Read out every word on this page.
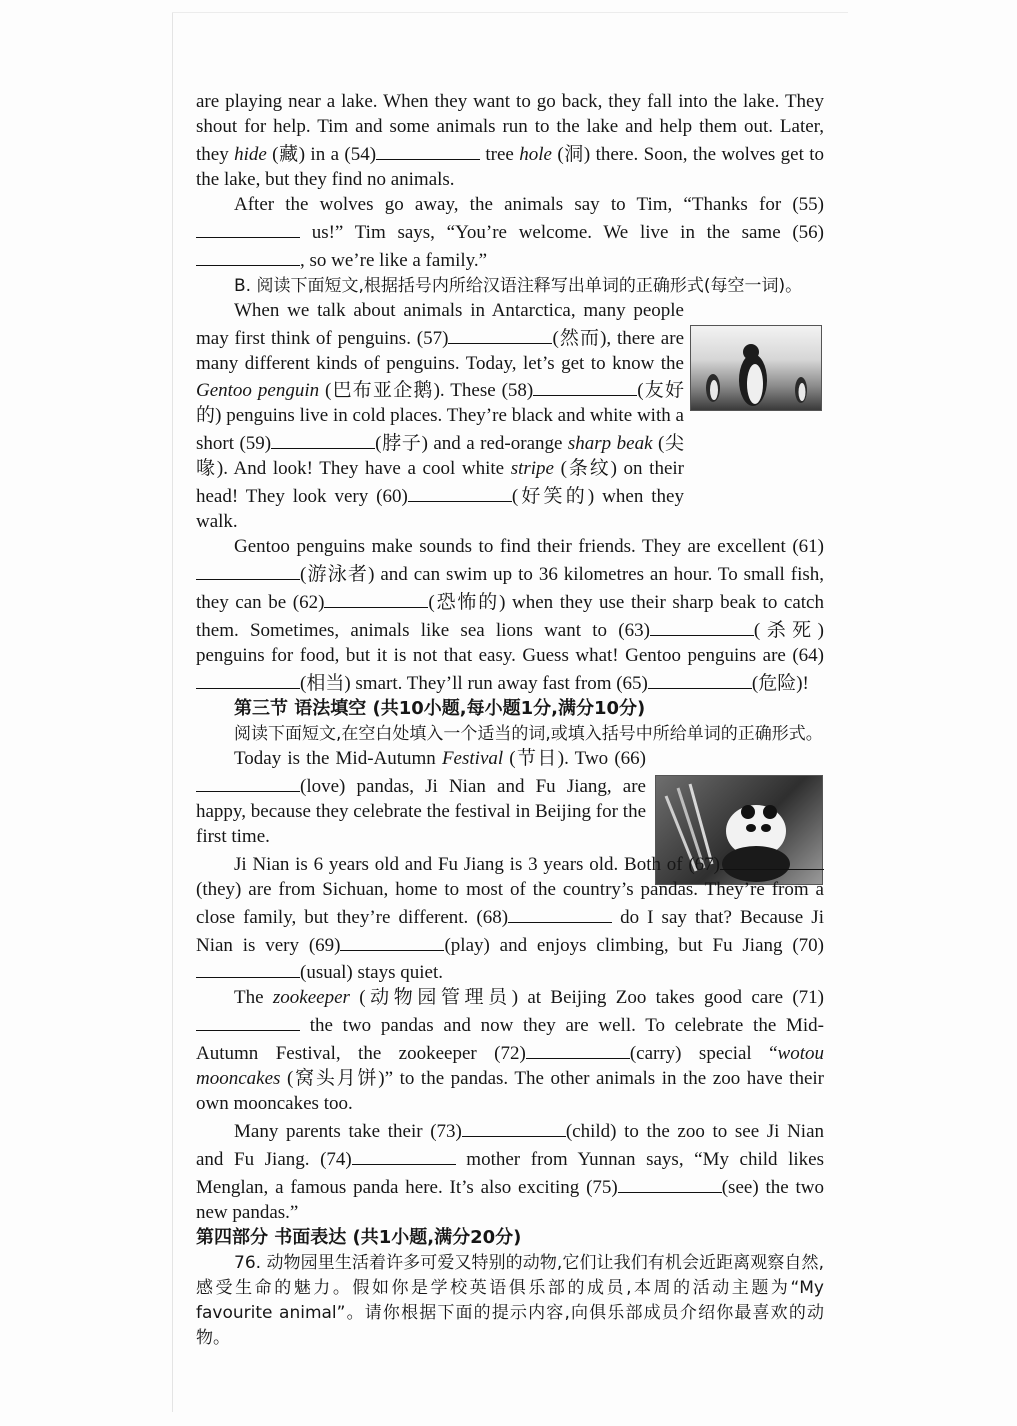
are playing near a lake. When they want to go back, they fall into the lake. They shout for help. Tim and some animals run to the lake and help them out. Later, they hide (藏) in a (54)	tree hole (洞) there. Soon, the wolves get to the lake, but they find no animals.

After the wolves go away, the animals say to Tim, “Thanks for (55) us!” Tim says, “You’re welcome. We live in the same (56), so we’re like a family.”

B. 阅读下面短文,根据括号内所给汉语注释写出单词的正确形式(每空一词)。

When we talk about animals in Antarctica, many people may first think of penguins. (57)	(然而), there are many different kinds of penguins. Today, let’s get to know the Gentoo penguin (巴布亚企鹅). These (58)	(友好的) penguins live in cold places. They’re black and white with a short (59)	(脖子) and a red-orange sharp beak (尖喙). And look! They have a cool white stripe (条纹) on their head! They look very (60)	(好笑的) when they walk.

Gentoo penguins make sounds to find their friends. They are excellent (61)(游泳者) and can swim up to 36 kilometres an hour. To small fish, they can be (62)	(恐怖的) when they use their sharp beak to catch them. Sometimes, animals like sea lions want to (63)	(杀死) penguins for food, but it is not that easy. Guess what! Gentoo penguins are (64)(相当) smart. They’ll run away fast from (65)	(危险)!

第三节 语法填空 (共10小题,每小题1分,满分10分)

阅读下面短文,在空白处填入一个适当的词,或填入括号中所给单词的正确形式。

Today is the Mid-Autumn Festival (节日). Two (66)(love) pandas, Ji Nian and Fu Jiang, are happy, because they celebrate the festival in Beijing for the first time.

Ji Nian is 6 years old and Fu Jiang is 3 years old. Both of (67)(they) are from Sichuan, home to most of the country’s pandas. They’re from a close family, but they’re different. (68)	do I say that? Because Ji Nian is very (69)	(play) and enjoys climbing, but Fu Jiang (70)(usual) stays quiet.

The zookeeper (动物园管理员) at Beijing Zoo takes good care (71) the two pandas and now they are well. To celebrate the Mid-Autumn Festival, the zookeeper (72)	(carry) special “wotou mooncakes (窝头月饼)” to the pandas. The other animals in the zoo have their own mooncakes too.

Many parents take their (73)	(child) to the zoo to see Ji Nian and Fu Jiang. (74)	mother from Yunnan says, “My child likes Menglan, a famous panda here. It’s also exciting (75)	(see) the two new pandas.”

第四部分 书面表达 (共1小题,满分20分)

76. 动物园里生活着许多可爱又特别的动物,它们让我们有机会近距离观察自然,感受生命的魅力。假如你是学校英语俱乐部的成员,本周的活动主题为“My favourite animal”。请你根据下面的提示内容,向俱乐部成员介绍你最喜欢的动物。
